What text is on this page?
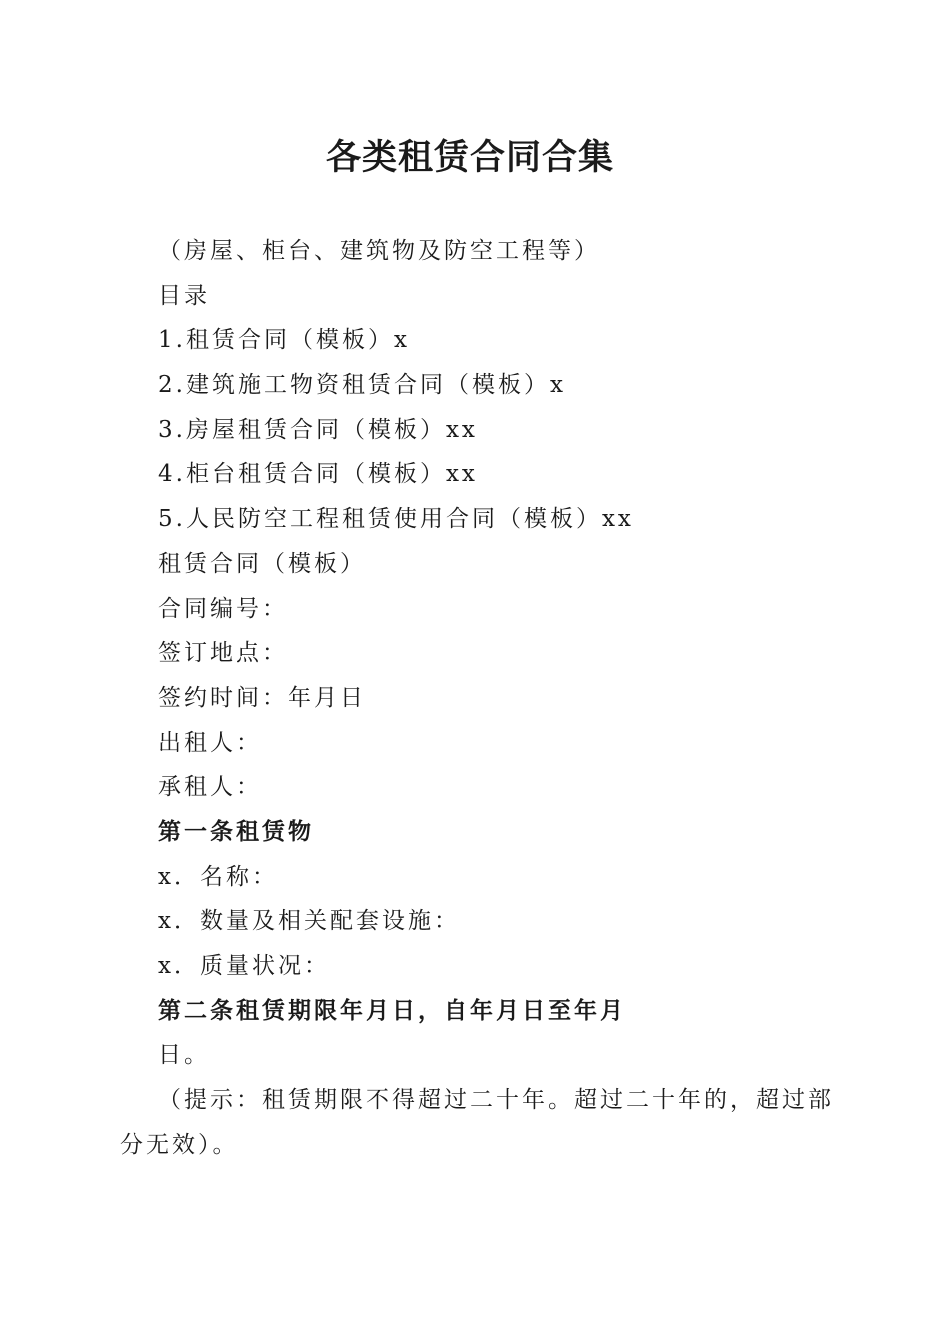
各类租赁合同合集
（房屋、柜台、建筑物及防空工程等）
目录
1.租赁合同（模板）x
2.建筑施工物资租赁合同（模板）x
3.房屋租赁合同（模板）xx
4.柜台租赁合同（模板）xx
5.人民防空工程租赁使用合同（模板）xx
租赁合同（模板）
合同编号：
签订地点：
签约时间：年月日
出租人：
承租人：
第一条租赁物
x．名称：
x．数量及相关配套设施：
x．质量状况：
第二条租赁期限年月日，自年月日至年月
日。
（提示：租赁期限不得超过二十年。超过二十年的，超过部
分无效）。
